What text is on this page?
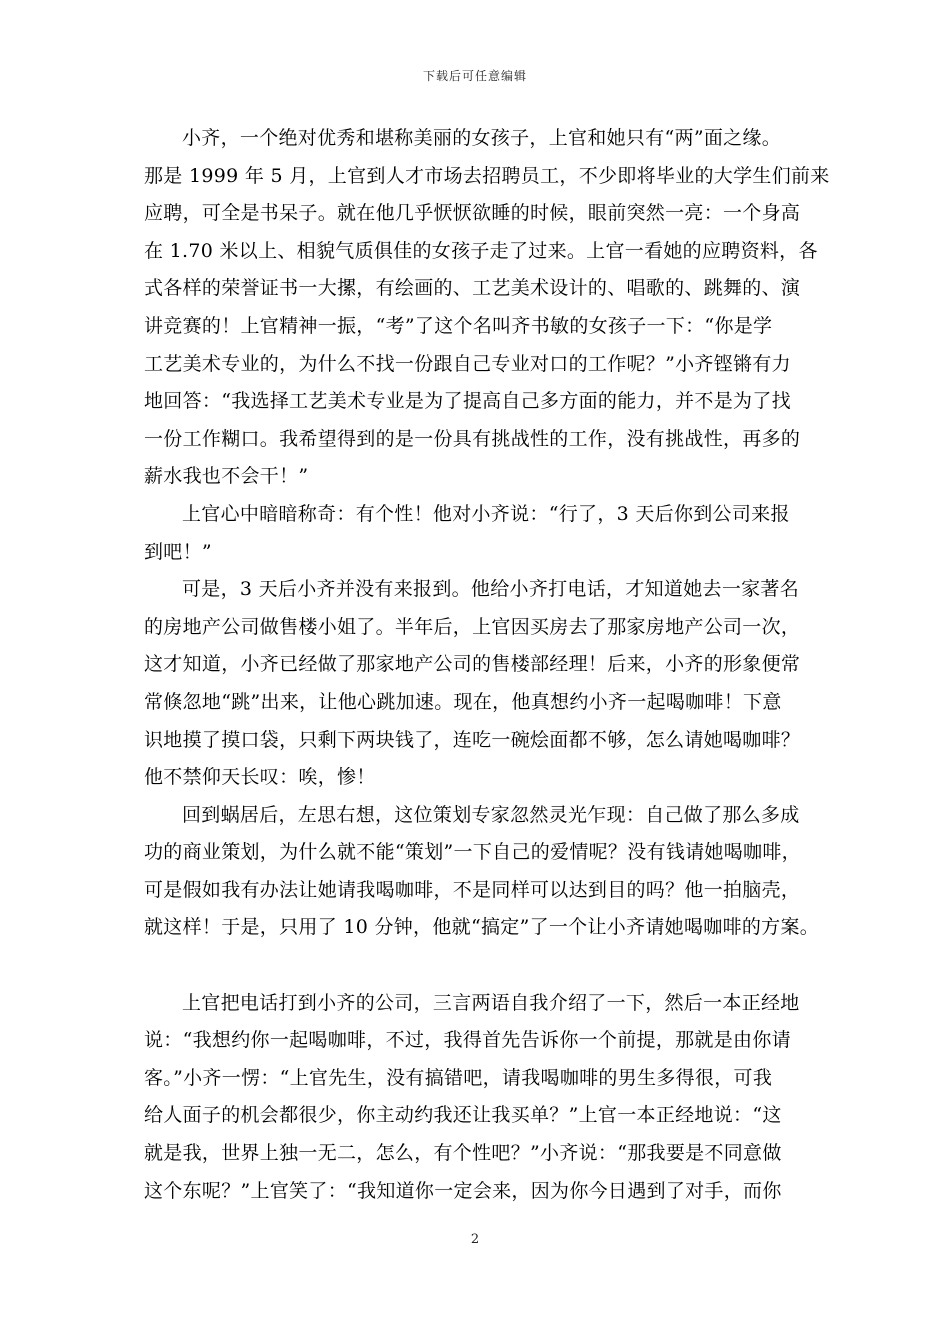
下载后可任意编辑

小齐，一个绝对优秀和堪称美丽的女孩子，上官和她只有“两”面之缘。
那是 1999 年 5 月，上官到人才市场去招聘员工，不少即将毕业的大学生们前来
应聘，可全是书呆子。就在他几乎恹恹欲睡的时候，眼前突然一亮：一个身高
在 1.70 米以上、相貌气质俱佳的女孩子走了过来。上官一看她的应聘资料，各
式各样的荣誉证书一大摞，有绘画的、工艺美术设计的、唱歌的、跳舞的、演
讲竞赛的！上官精神一振，“考”了这个名叫齐书敏的女孩子一下：“你是学
工艺美术专业的，为什么不找一份跟自己专业对口的工作呢？”小齐铿锵有力
地回答：“我选择工艺美术专业是为了提高自己多方面的能力，并不是为了找
一份工作糊口。我希望得到的是一份具有挑战性的工作，没有挑战性，再多的
薪水我也不会干！”

上官心中暗暗称奇：有个性！他对小齐说：“行了，3 天后你到公司来报
到吧！”

可是，3 天后小齐并没有来报到。他给小齐打电话，才知道她去一家著名
的房地产公司做售楼小姐了。半年后，上官因买房去了那家房地产公司一次，
这才知道，小齐已经做了那家地产公司的售楼部经理！后来，小齐的形象便常
常倏忽地“跳”出来，让他心跳加速。现在，他真想约小齐一起喝咖啡！下意
识地摸了摸口袋，只剩下两块钱了，连吃一碗烩面都不够，怎么请她喝咖啡？
他不禁仰天长叹：唉，惨！

回到蜗居后，左思右想，这位策划专家忽然灵光乍现：自己做了那么多成
功的商业策划，为什么就不能“策划”一下自己的爱情呢？没有钱请她喝咖啡，
可是假如我有办法让她请我喝咖啡，不是同样可以达到目的吗？他一拍脑壳，
就这样！于是，只用了 10 分钟，他就“搞定”了一个让小齐请她喝咖啡的方案。

上官把电话打到小齐的公司，三言两语自我介绍了一下，然后一本正经地
说：“我想约你一起喝咖啡，不过，我得首先告诉你一个前提，那就是由你请
客。”小齐一愣：“上官先生，没有搞错吧，请我喝咖啡的男生多得很，可我
给人面子的机会都很少，你主动约我还让我买单？”上官一本正经地说：“这
就是我，世界上独一无二，怎么，有个性吧？”小齐说：“那我要是不同意做
这个东呢？”上官笑了：“我知道你一定会来，因为你今日遇到了对手，而你

2
